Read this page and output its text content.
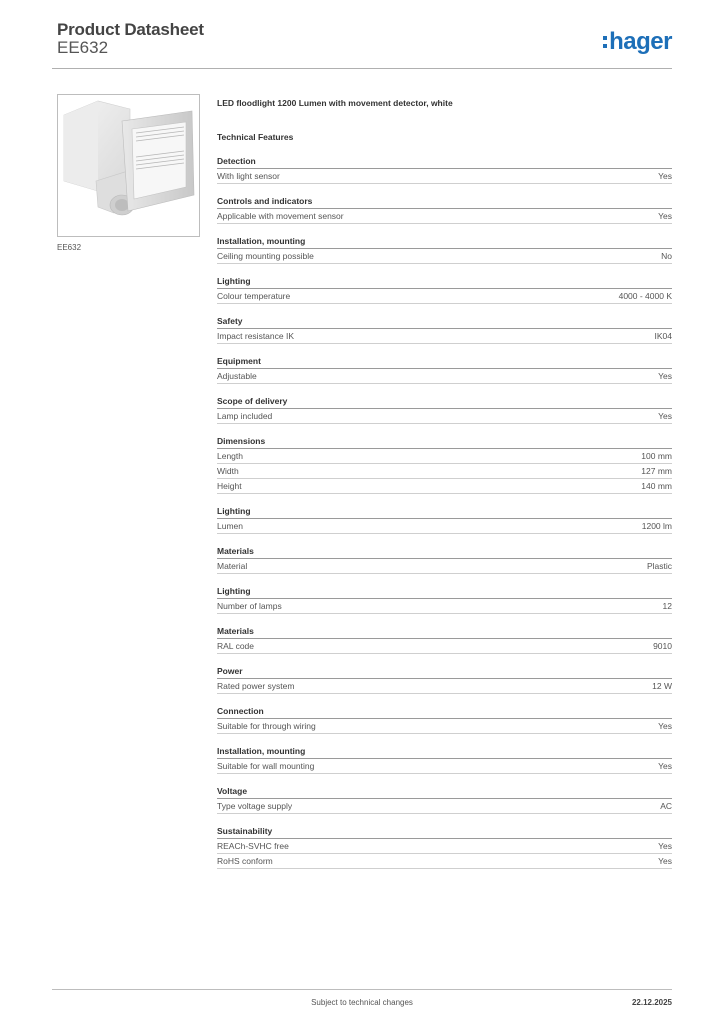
Product Datasheet
EE632	hager
EE632
LED floodlight 1200 Lumen with movement detector, white
Technical Features
Detection
With light sensor	Yes
Controls and indicators
Applicable with movement sensor	Yes
Installation, mounting
Ceiling mounting possible	No
Lighting
Colour temperature	4000 - 4000 K
Safety
Impact resistance IK	IK04
Equipment
Adjustable	Yes
Scope of delivery
Lamp included	Yes
Dimensions
Length	100 mm
Width	127 mm
Height	140 mm
Lighting
Lumen	1200 lm
Materials
Material	Plastic
Lighting
Number of lamps	12
Materials
RAL code	9010
Power
Rated power system	12 W
Connection
Suitable for through wiring	Yes
Installation, mounting
Suitable for wall mounting	Yes
Voltage
Type voltage supply	AC
Sustainability
REACh-SVHC free	Yes
RoHS conform	Yes
Subject to technical changes	22.12.2025
